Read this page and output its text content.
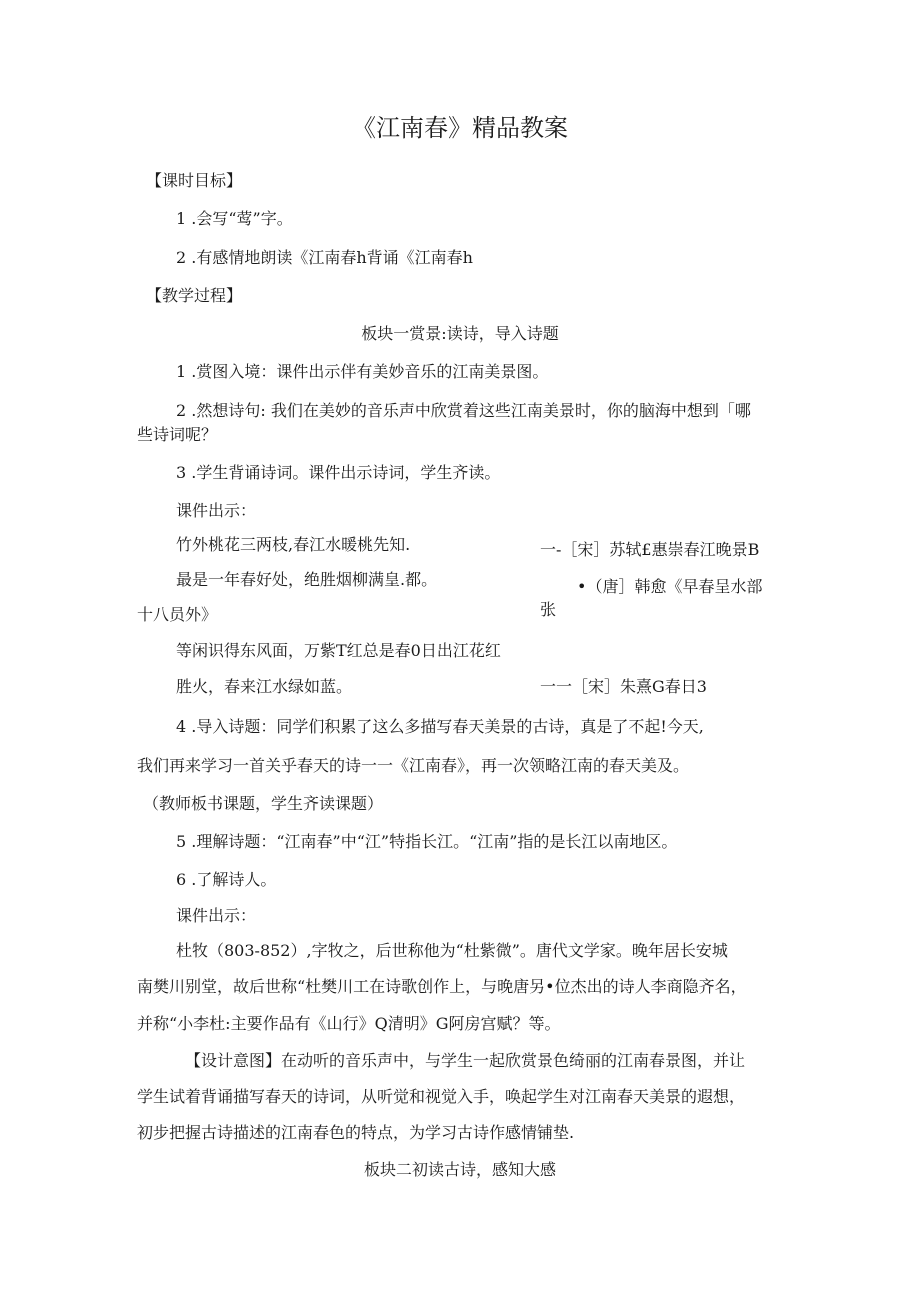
《江南春》精品教案
【课时目标】
1 .会写“莺”字。
2 .有感情地朗读《江南春h背诵《江南春h
【教学过程】
板块一赏景:读诗，导入诗题
1 .赏图入境：课件出示伴有美妙音乐的江南美景图。
2 .然想诗句: 我们在美妙的音乐声中欣赏着这些江南美景时，你的脑海中想到「哪
些诗词呢？
3 .学生背诵诗词。课件出示诗词，学生齐读。
课件出示：
竹外桃花三两枝,春江水暖桃先知.	一-［宋］苏轼£惠崇春江晚景B
最是一年春好处，绝胜烟柳满皇.都。	•（唐］韩愈《早春呈水部
张
十八员外》
等闲识得东风面，万紫T红总是春0日出江花红
胜火，春来江水绿如蓝。	一一［宋］朱熹G春日3
4 .导入诗题：同学们积累了这么多描写春天美景的古诗，真是了不起!今天,
我们再来学习一首关乎春天的诗一一《江南春》，再一次领略江南的春天美及。
（教师板书课题，学生齐读课题）
5 .理解诗题：“江南春”中“江”特指长江。“江南”指的是长江以南地区。
6 .了解诗人。
课件出示：
杜牧（803-852）,字牧之，后世称他为“杜紫微”。唐代文学家。晚年居长安城
南樊川别堂，故后世称“杜樊川工在诗歌创作上，与晚唐另•位杰出的诗人李商隐齐名，
并称“小李杜:主要作品有《山行》Q清明》G阿房宫赋？等。
【设计意图】在动听的音乐声中，与学生一起欣赏景色绮丽的江南春景图，并让
学生试着背诵描写春天的诗词，从听觉和视觉入手，唤起学生对江南春天美景的遐想，
初步把握古诗描述的江南春色的特点，为学习古诗作感情铺垫.
板块二初读古诗，感知大感
